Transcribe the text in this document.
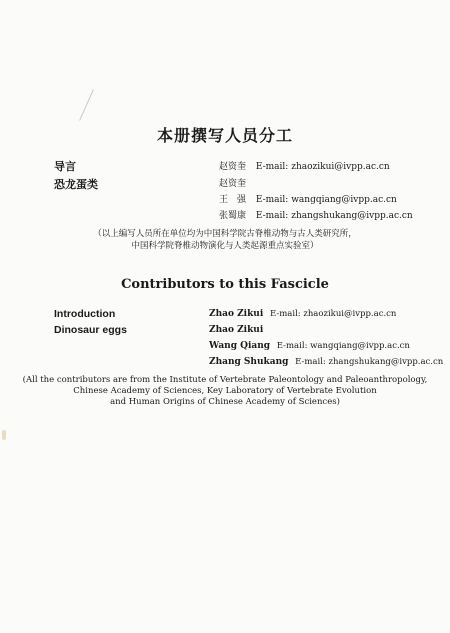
本册撰写人员分工
导言
恐龙蛋类
赵资奎 E-mail: zhaozikui@ivpp.ac.cn
赵资奎
王　强 E-mail: wangqiang@ivpp.ac.cn
张蜀康 E-mail: zhangshukang@ivpp.ac.cn
（以上编写人员所在单位均为中国科学院古脊椎动物与古人类研究所，
中国科学院脊椎动物演化与人类起源重点实验室）
Contributors to this Fascicle
Introduction
Dinosaur eggs
Zhao Zikui E-mail: zhaozikui@ivpp.ac.cn
Zhao Zikui
Wang Qiang E-mail: wangqiang@ivpp.ac.cn
Zhang Shukang E-mail: zhangshukang@ivpp.ac.cn
(All the contributors are from the Institute of Vertebrate Paleontology and Paleoanthropology,
Chinese Academy of Sciences, Key Laboratory of Vertebrate Evolution
and Human Origins of Chinese Academy of Sciences)
